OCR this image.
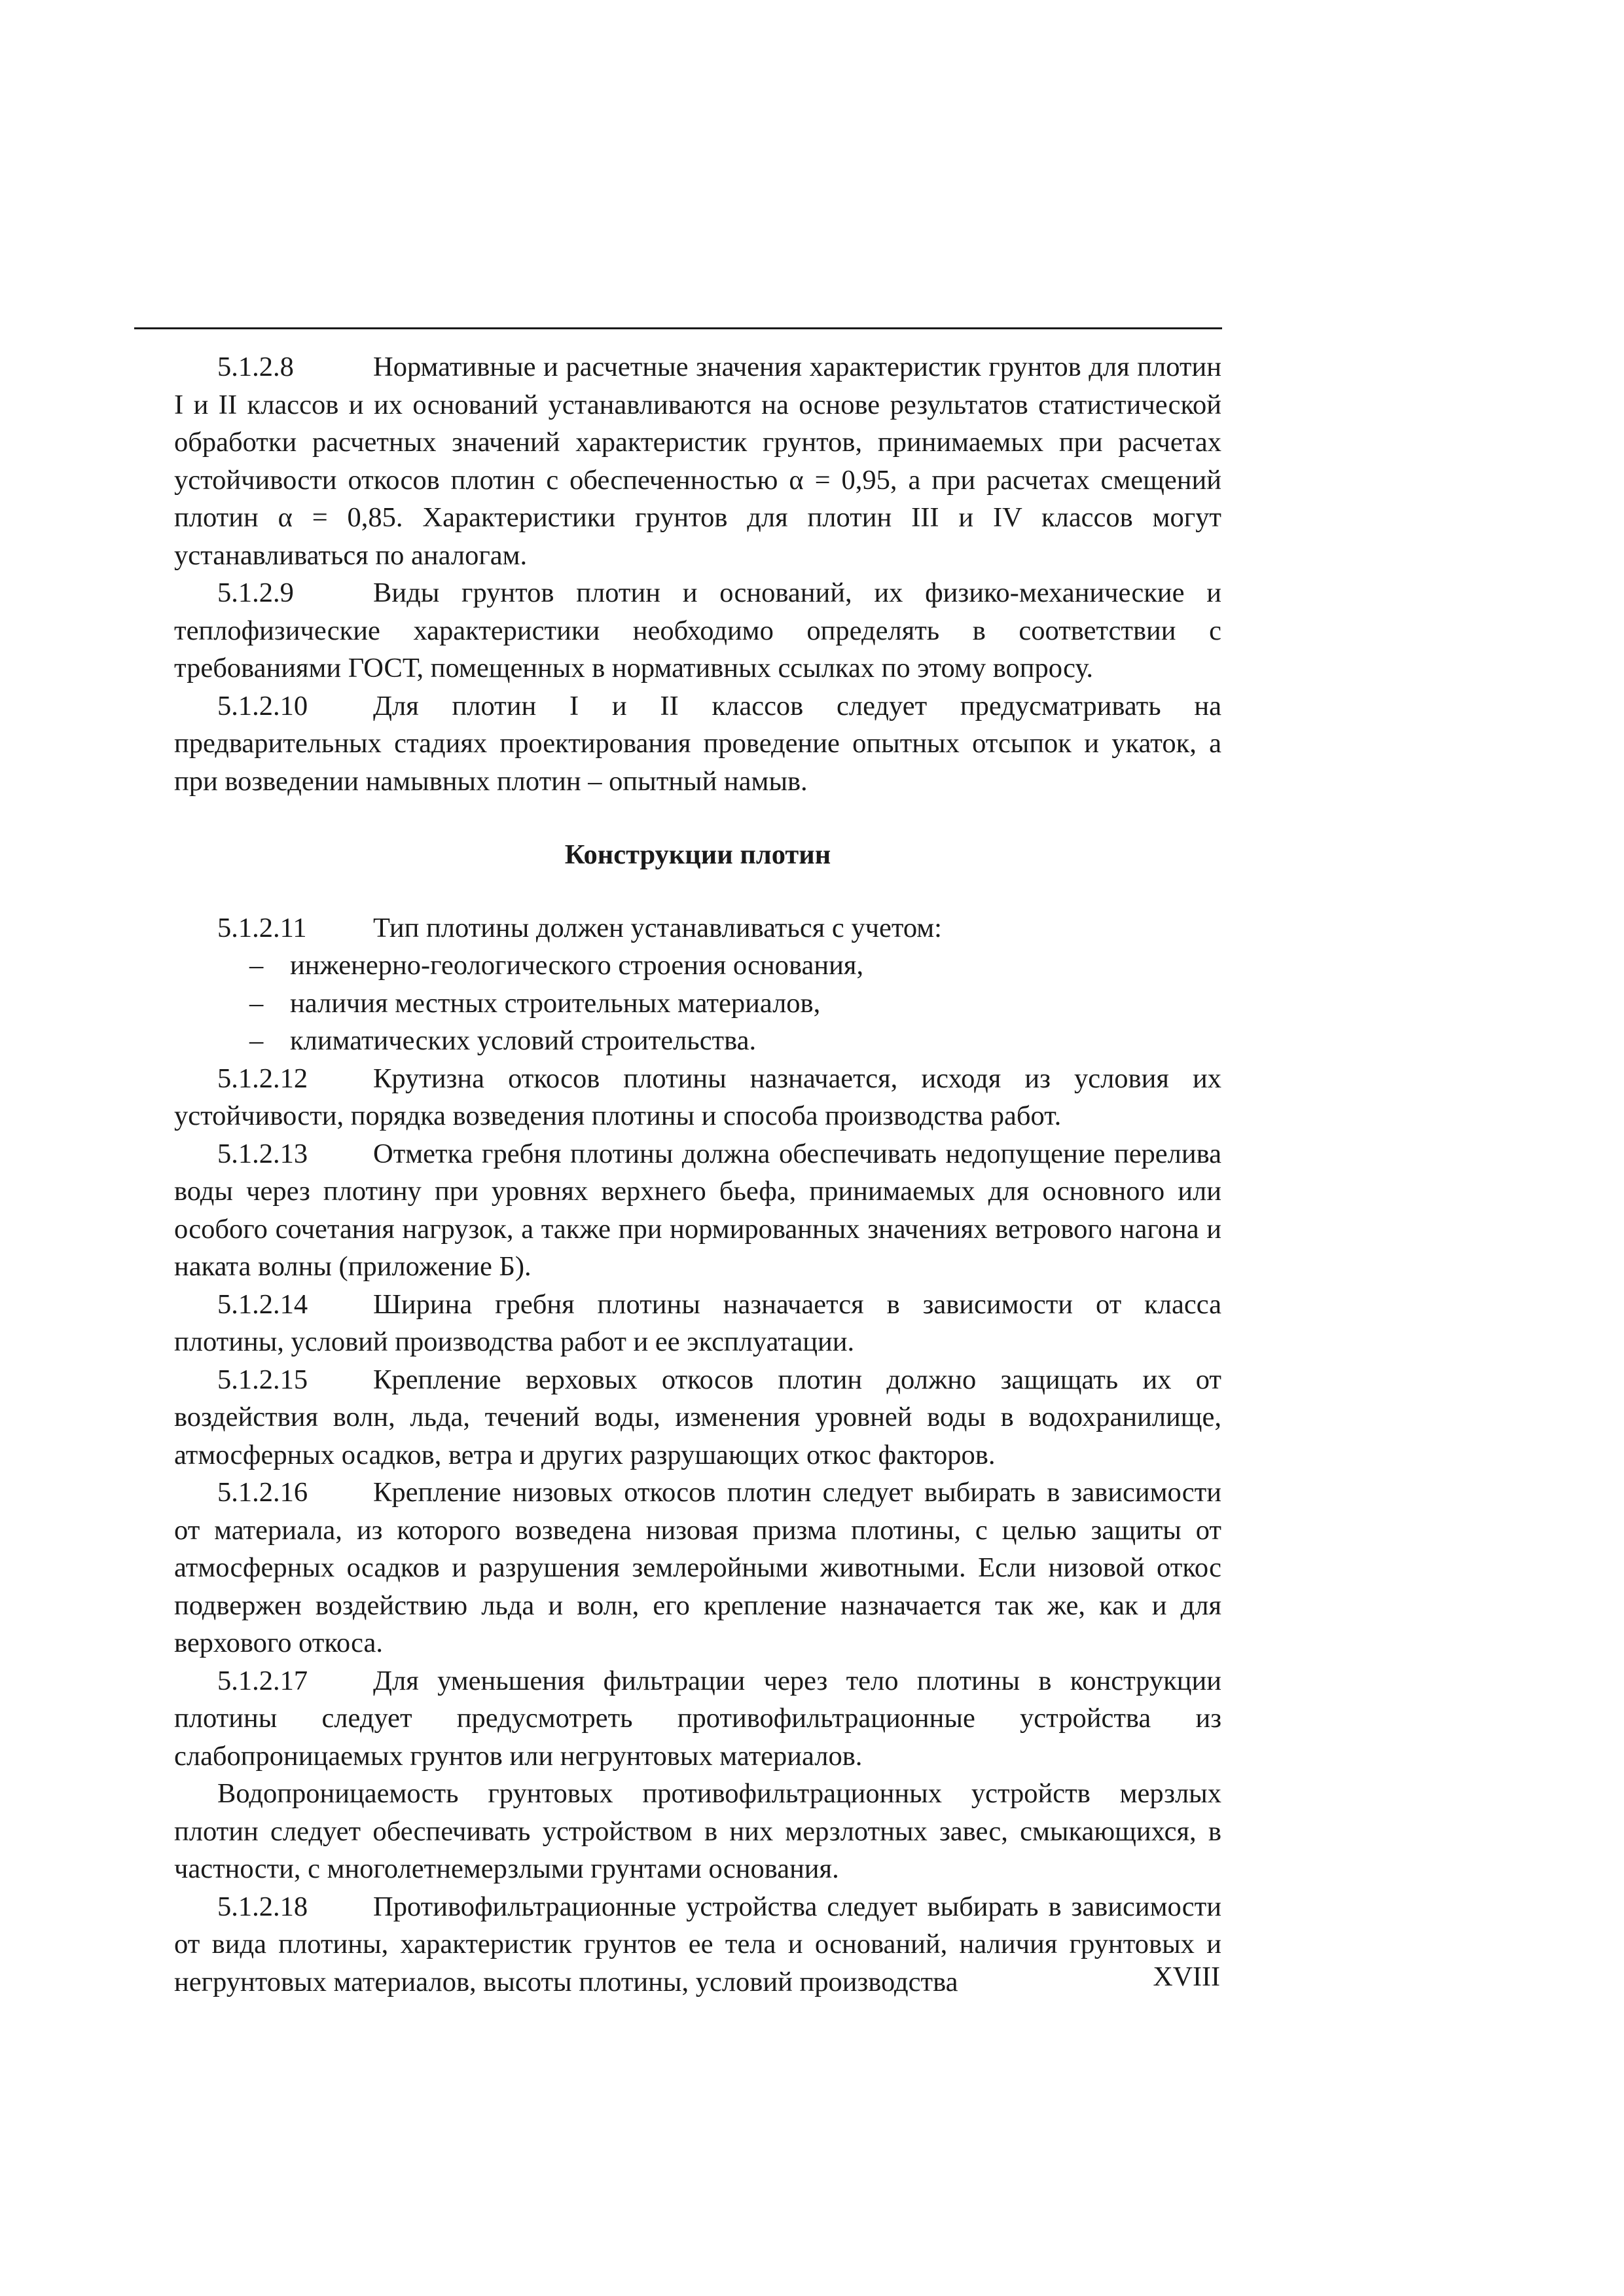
5.1.2.8	Нормативные и расчетные значения характеристик грунтов для плотин I и II классов и их оснований устанавливаются на основе результатов статистической обработки расчетных значений характеристик грунтов, принимаемых при расчетах устойчивости откосов плотин с обеспеченностью α = 0,95, а при расчетах смещений плотин α = 0,85. Характеристики грунтов для плотин III и IV классов могут устанавливаться по аналогам.

5.1.2.9	Виды грунтов плотин и оснований, их физико-механические и теплофизические характеристики необходимо определять в соответствии с требованиями ГОСТ, помещенных в нормативных ссылках по этому вопросу.

5.1.2.10 Для плотин I и II классов следует предусматривать на предварительных стадиях проектирования проведение опытных отсыпок и укаток, а при возведении намывных плотин – опытный намыв.

Конструкции плотин

5.1.2.11 Тип плотины должен устанавливаться с учетом:

– инженерно-геологического строения основания,

– наличия местных строительных материалов,

– климатических условий строительства.

5.1.2.12 Крутизна откосов плотины назначается, исходя из условия их устойчивости, порядка возведения плотины и способа производства работ.

5.1.2.13 Отметка гребня плотины должна обеспечивать недопущение перелива воды через плотину при уровнях верхнего бьефа, принимаемых для основного или особого сочетания нагрузок, а также при нормированных значениях ветрового нагона и наката волны (приложение Б).

5.1.2.14 Ширина гребня плотины назначается в зависимости от класса плотины, условий производства работ и ее эксплуатации.

5.1.2.15 Крепление верховых откосов плотин должно защищать их от воздействия волн, льда, течений воды, изменения уровней воды в водохранилище, атмосферных осадков, ветра и других разрушающих откос факторов.

5.1.2.16 Крепление низовых откосов плотин следует выбирать в зависимости от материала, из которого возведена низовая призма плотины, с целью защиты от атмосферных осадков и разрушения землеройными животными. Если низовой откос подвержен воздействию льда и волн, его крепление назначается так же, как и для верхового откоса.

5.1.2.17 Для уменьшения фильтрации через тело плотины в конструкции плотины следует предусмотреть противофильтрационные устройства из слабопроницаемых грунтов или негрунтовых материалов.

Водопроницаемость грунтовых противофильтрационных устройств мерзлых плотин следует обеспечивать устройством в них мерзлотных завес, смыкающихся, в частности, с многолетнемерзлыми грунтами основания.

5.1.2.18 Противофильтрационные устройства следует выбирать в зависимости от вида плотины, характеристик грунтов ее тела и оснований, наличия грунтовых и негрунтовых материалов, высоты плотины, условий производства	XVIII
